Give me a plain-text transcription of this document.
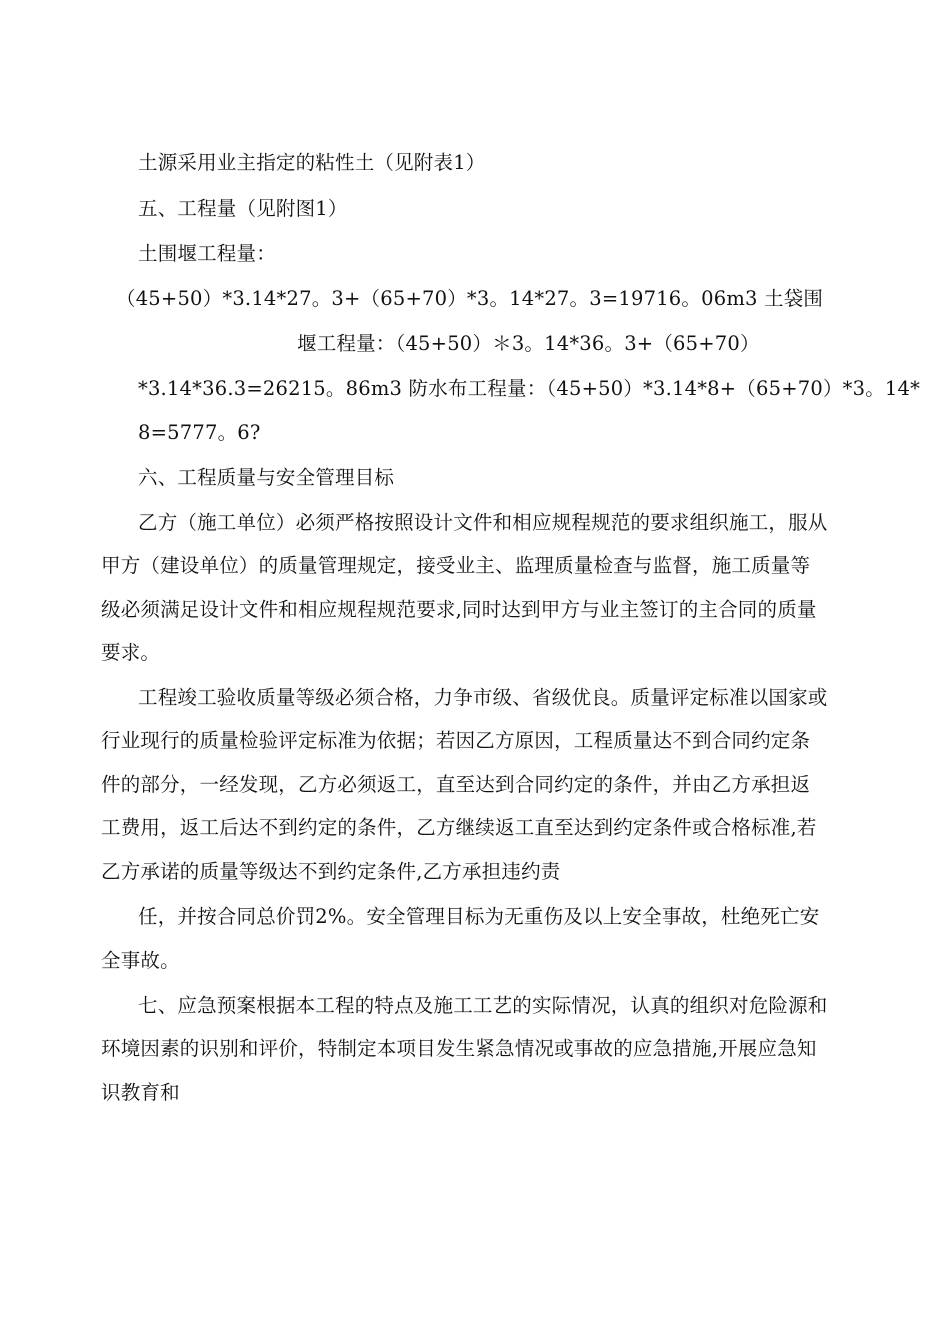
土源采用业主指定的粘性土（见附表1）
五、工程量（见附图1）
土围堰工程量：
（45+50）*3.14*27。3+（65+70）*3。14*27。3=19716。06m3 土袋围
堰工程量：（45+50）＊3。14*36。3+（65+70）
*3.14*36.3=26215。86m3 防水布工程量：（45+50）*3.14*8+（65+70）*3。14*
8=5777。6?
六、工程质量与安全管理目标
乙方（施工单位）必须严格按照设计文件和相应规程规范的要求组织施工，服从
甲方（建设单位）的质量管理规定，接受业主、监理质量检查与监督，施工质量等
级必须满足设计文件和相应规程规范要求,同时达到甲方与业主签订的主合同的质量
要求。
工程竣工验收质量等级必须合格，力争市级、省级优良。质量评定标准以国家或
行业现行的质量检验评定标准为依据；若因乙方原因，工程质量达不到合同约定条
件的部分，一经发现，乙方必须返工，直至达到合同约定的条件，并由乙方承担返
工费用，返工后达不到约定的条件，乙方继续返工直至达到约定条件或合格标准,若
乙方承诺的质量等级达不到约定条件,乙方承担违约责
任，并按合同总价罚2%。安全管理目标为无重伤及以上安全事故，杜绝死亡安
全事故。
七、应急预案根据本工程的特点及施工工艺的实际情况，认真的组织对危险源和
环境因素的识别和评价，特制定本项目发生紧急情况或事故的应急措施,开展应急知
识教育和
